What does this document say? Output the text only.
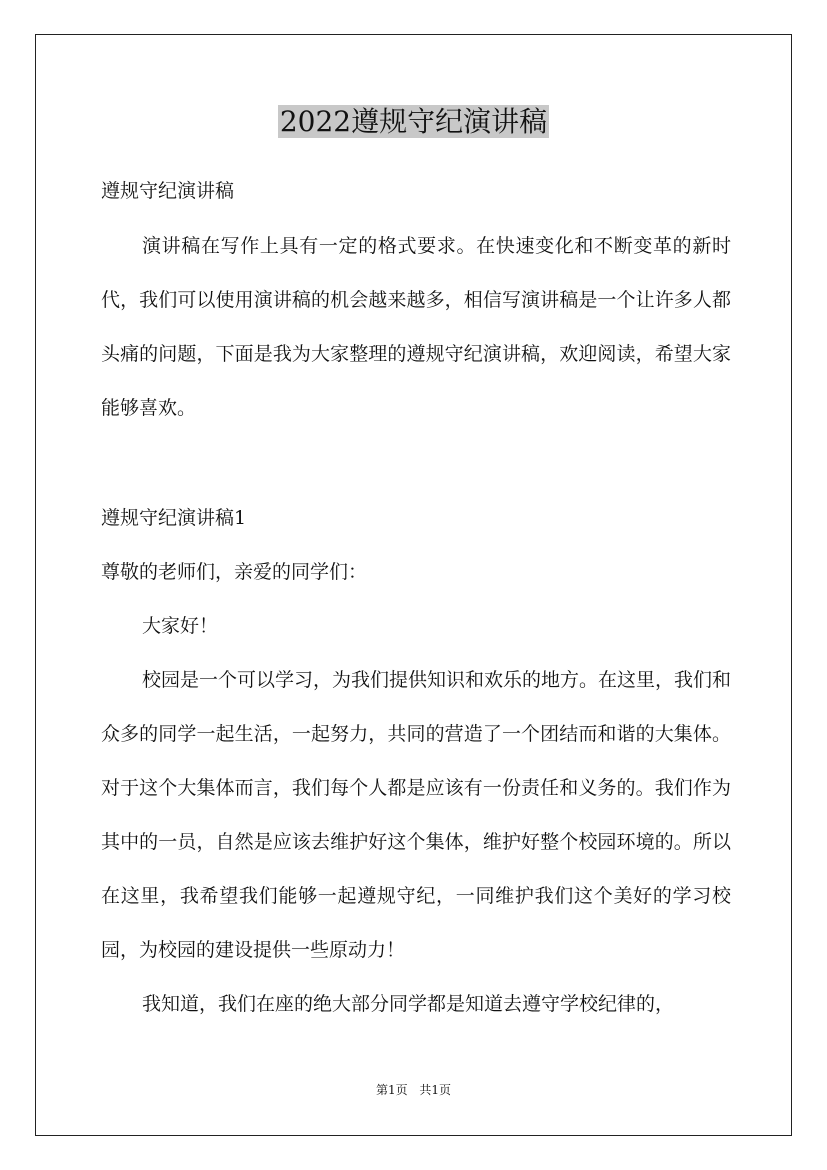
2022遵规守纪演讲稿

遵规守纪演讲稿

演讲稿在写作上具有一定的格式要求。在快速变化和不断变革的新时代，我们可以使用演讲稿的机会越来越多，相信写演讲稿是一个让许多人都头痛的问题，下面是我为大家整理的遵规守纪演讲稿，欢迎阅读，希望大家能够喜欢。

遵规守纪演讲稿1

尊敬的老师们，亲爱的同学们：

大家好！

校园是一个可以学习，为我们提供知识和欢乐的地方。在这里，我们和众多的同学一起生活，一起努力，共同的营造了一个团结而和谐的大集体。对于这个大集体而言，我们每个人都是应该有一份责任和义务的。我们作为其中的一员，自然是应该去维护好这个集体，维护好整个校园环境的。所以在这里，我希望我们能够一起遵规守纪，一同维护我们这个美好的学习校园，为校园的建设提供一些原动力！

我知道，我们在座的绝大部分同学都是知道去遵守学校纪律的，

第1页 共1页
